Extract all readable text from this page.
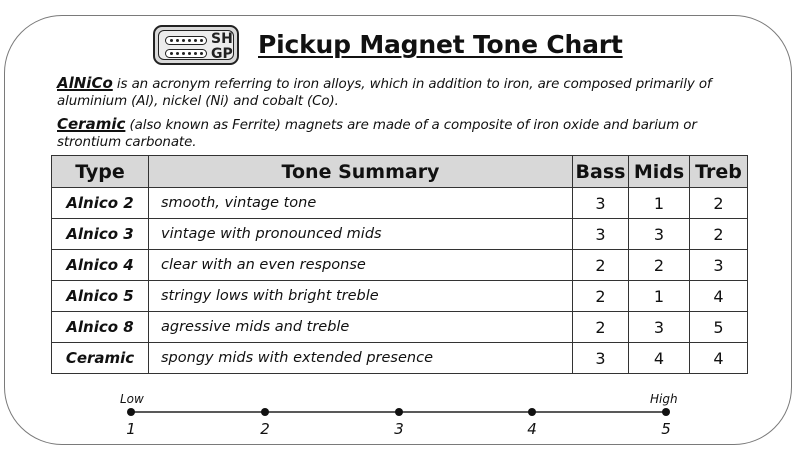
SH
GP Pickup Magnet Tone Chart
AlNiCo is an acronym referring to iron alloys, which in addition to iron, are composed primarily of aluminium (Al), nickel (Ni) and cobalt (Co).
Ceramic (also known as Ferrite) magnets are made of a composite of iron oxide and barium or strontium carbonate.
Type	Tone Summary	Bass	Mids	Treb
Alnico 2	smooth, vintage tone	3	1	2
Alnico 3	vintage with pronounced mids	3	3	2
Alnico 4	clear with an even response	2	2	3
Alnico 5	stringy lows with bright treble	2	1	4
Alnico 8	agressive mids and treble	2	3	5
Ceramic	spongy mids with extended presence	3	4	4
Low	High
1	2	3	4	5
